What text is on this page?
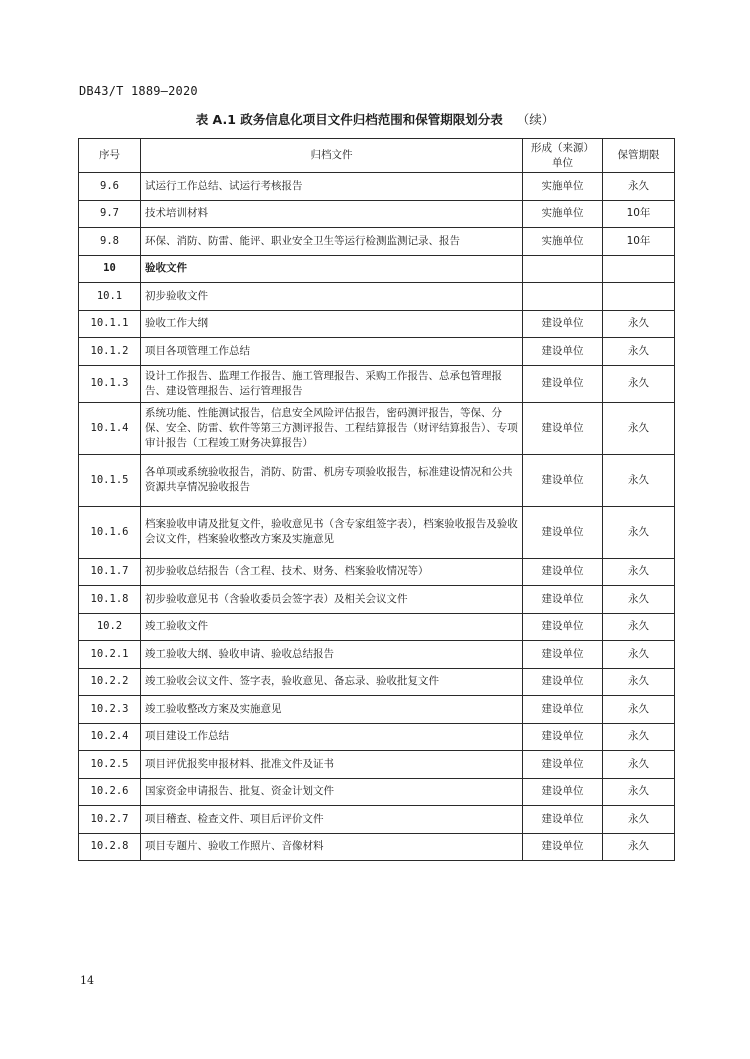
DB43/T 1889—2020
表 A.1 政务信息化项目文件归档范围和保管期限划分表 （续）
序号	归档文件	形成（来源）单位	保管期限
9.6	试运行工作总结、试运行考核报告	实施单位	永久
9.7	技术培训材料	实施单位	10年
9.8	环保、消防、防雷、能评、职业安全卫生等运行检测监测记录、报告	实施单位	10年
10	验收文件		
10.1	初步验收文件		
10.1.1	验收工作大纲	建设单位	永久
10.1.2	项目各项管理工作总结	建设单位	永久
10.1.3	设计工作报告、监理工作报告、施工管理报告、采购工作报告、总承包管理报告、建设管理报告、运行管理报告	建设单位	永久
10.1.4	系统功能、性能测试报告，信息安全风险评估报告，密码测评报告，等保、分保、安全、防雷、软件等第三方测评报告、工程结算报告（财评结算报告）、专项审计报告（工程竣工财务决算报告）	建设单位	永久
10.1.5	各单项或系统验收报告，消防、防雷、机房专项验收报告，标准建设情况和公共资源共享情况验收报告	建设单位	永久
10.1.6	档案验收申请及批复文件，验收意见书（含专家组签字表），档案验收报告及验收会议文件，档案验收整改方案及实施意见	建设单位	永久
10.1.7	初步验收总结报告（含工程、技术、财务、档案验收情况等）	建设单位	永久
10.1.8	初步验收意见书（含验收委员会签字表）及相关会议文件	建设单位	永久
10.2	竣工验收文件	建设单位	永久
10.2.1	竣工验收大纲、验收申请、验收总结报告	建设单位	永久
10.2.2	竣工验收会议文件、签字表，验收意见、备忘录、验收批复文件	建设单位	永久
10.2.3	竣工验收整改方案及实施意见	建设单位	永久
10.2.4	项目建设工作总结	建设单位	永久
10.2.5	项目评优报奖申报材料、批准文件及证书	建设单位	永久
10.2.6	国家资金申请报告、批复、资金计划文件	建设单位	永久
10.2.7	项目稽查、检查文件、项目后评价文件	建设单位	永久
10.2.8	项目专题片、验收工作照片、音像材料	建设单位	永久
14
